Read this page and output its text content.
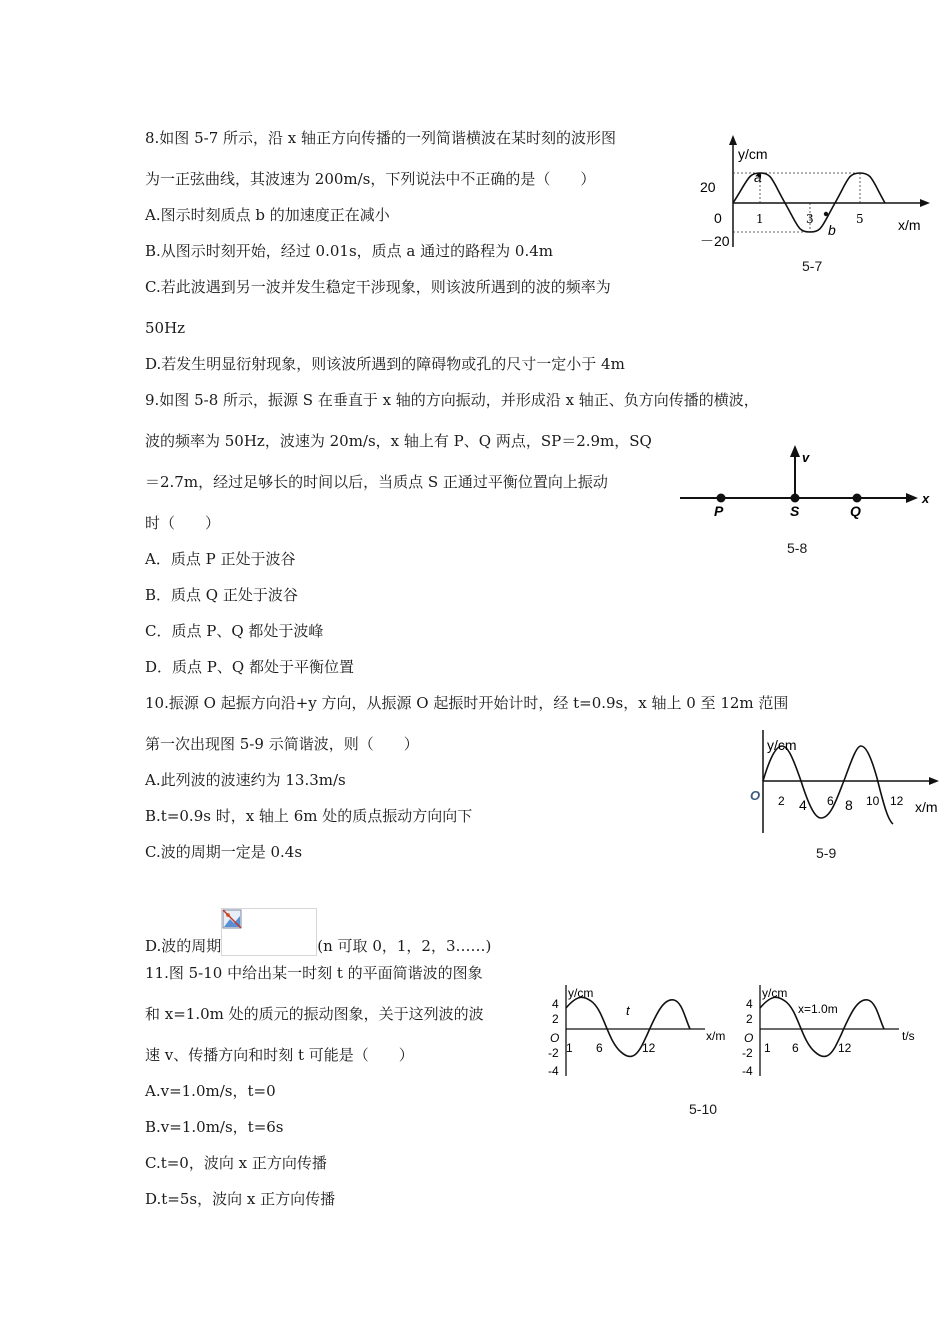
8.如图 5-7 所示，沿 x 轴正方向传播的一列简谐横波在某时刻的波形图
为一正弦曲线，其波速为 200m/s，下列说法中不正确的是（　　）
A.图示时刻质点 b 的加速度正在减小
B.从图示时刻开始，经过 0.01s，质点 a 通过的路程为 0.4m
C.若此波遇到另一波并发生稳定干涉现象，则该波所遇到的波的频率为
50Hz
D.若发生明显衍射现象，则该波所遇到的障碍物或孔的尺寸一定小于 4m
y/cm
20
0
－20
1	3	5
a
b	x/m
5-7
9.如图 5-8 所示，振源 S 在垂直于 x 轴的方向振动，并形成沿 x 轴正、负方向传播的横波，
波的频率为 50Hz，波速为 20m/s，x 轴上有 P、Q 两点，SP＝2.9m，SQ
＝2.7m，经过足够长的时间以后，当质点 S 正通过平衡位置向上振动
时（　　）
A．质点 P 正处于波谷
B．质点 Q 正处于波谷
C．质点 P、Q 都处于波峰
D．质点 P、Q 都处于平衡位置
v
x
P	S	Q
5-8
10.振源 O 起振方向沿+y 方向，从振源 O 起振时开始计时，经 t=0.9s，x 轴上 0 至 12m 范围
第一次出现图 5-9 示简谐波，则（　　）
A.此列波的波速约为 13.3m/s
B.t=0.9s 时，x 轴上 6m 处的质点振动方向向下
C.波的周期一定是 0.4s
D.波的周期	(n 可取 0，1，2，3……)
y/cm
O 2 4 6 8 10 12 x/m
5-9
11.图 5-10 中给出某一时刻 t 的平面简谐波的图象
和 x=1.0m 处的质元的振动图象，关于这列波的波
速 v、传播方向和时刻 t 可能是（　　）
A.v=1.0m/s，t=0
B.v=1.0m/s，t=6s
C.t=0，波向 x 正方向传播
D.t=5s，波向 x 正方向传播
y/cm
4
2
O
-2
-4
1 6	12
t
x/m
y/cm
4
2
O
-2
-4
1 6	12
x=1.0m
t/s
5-10
